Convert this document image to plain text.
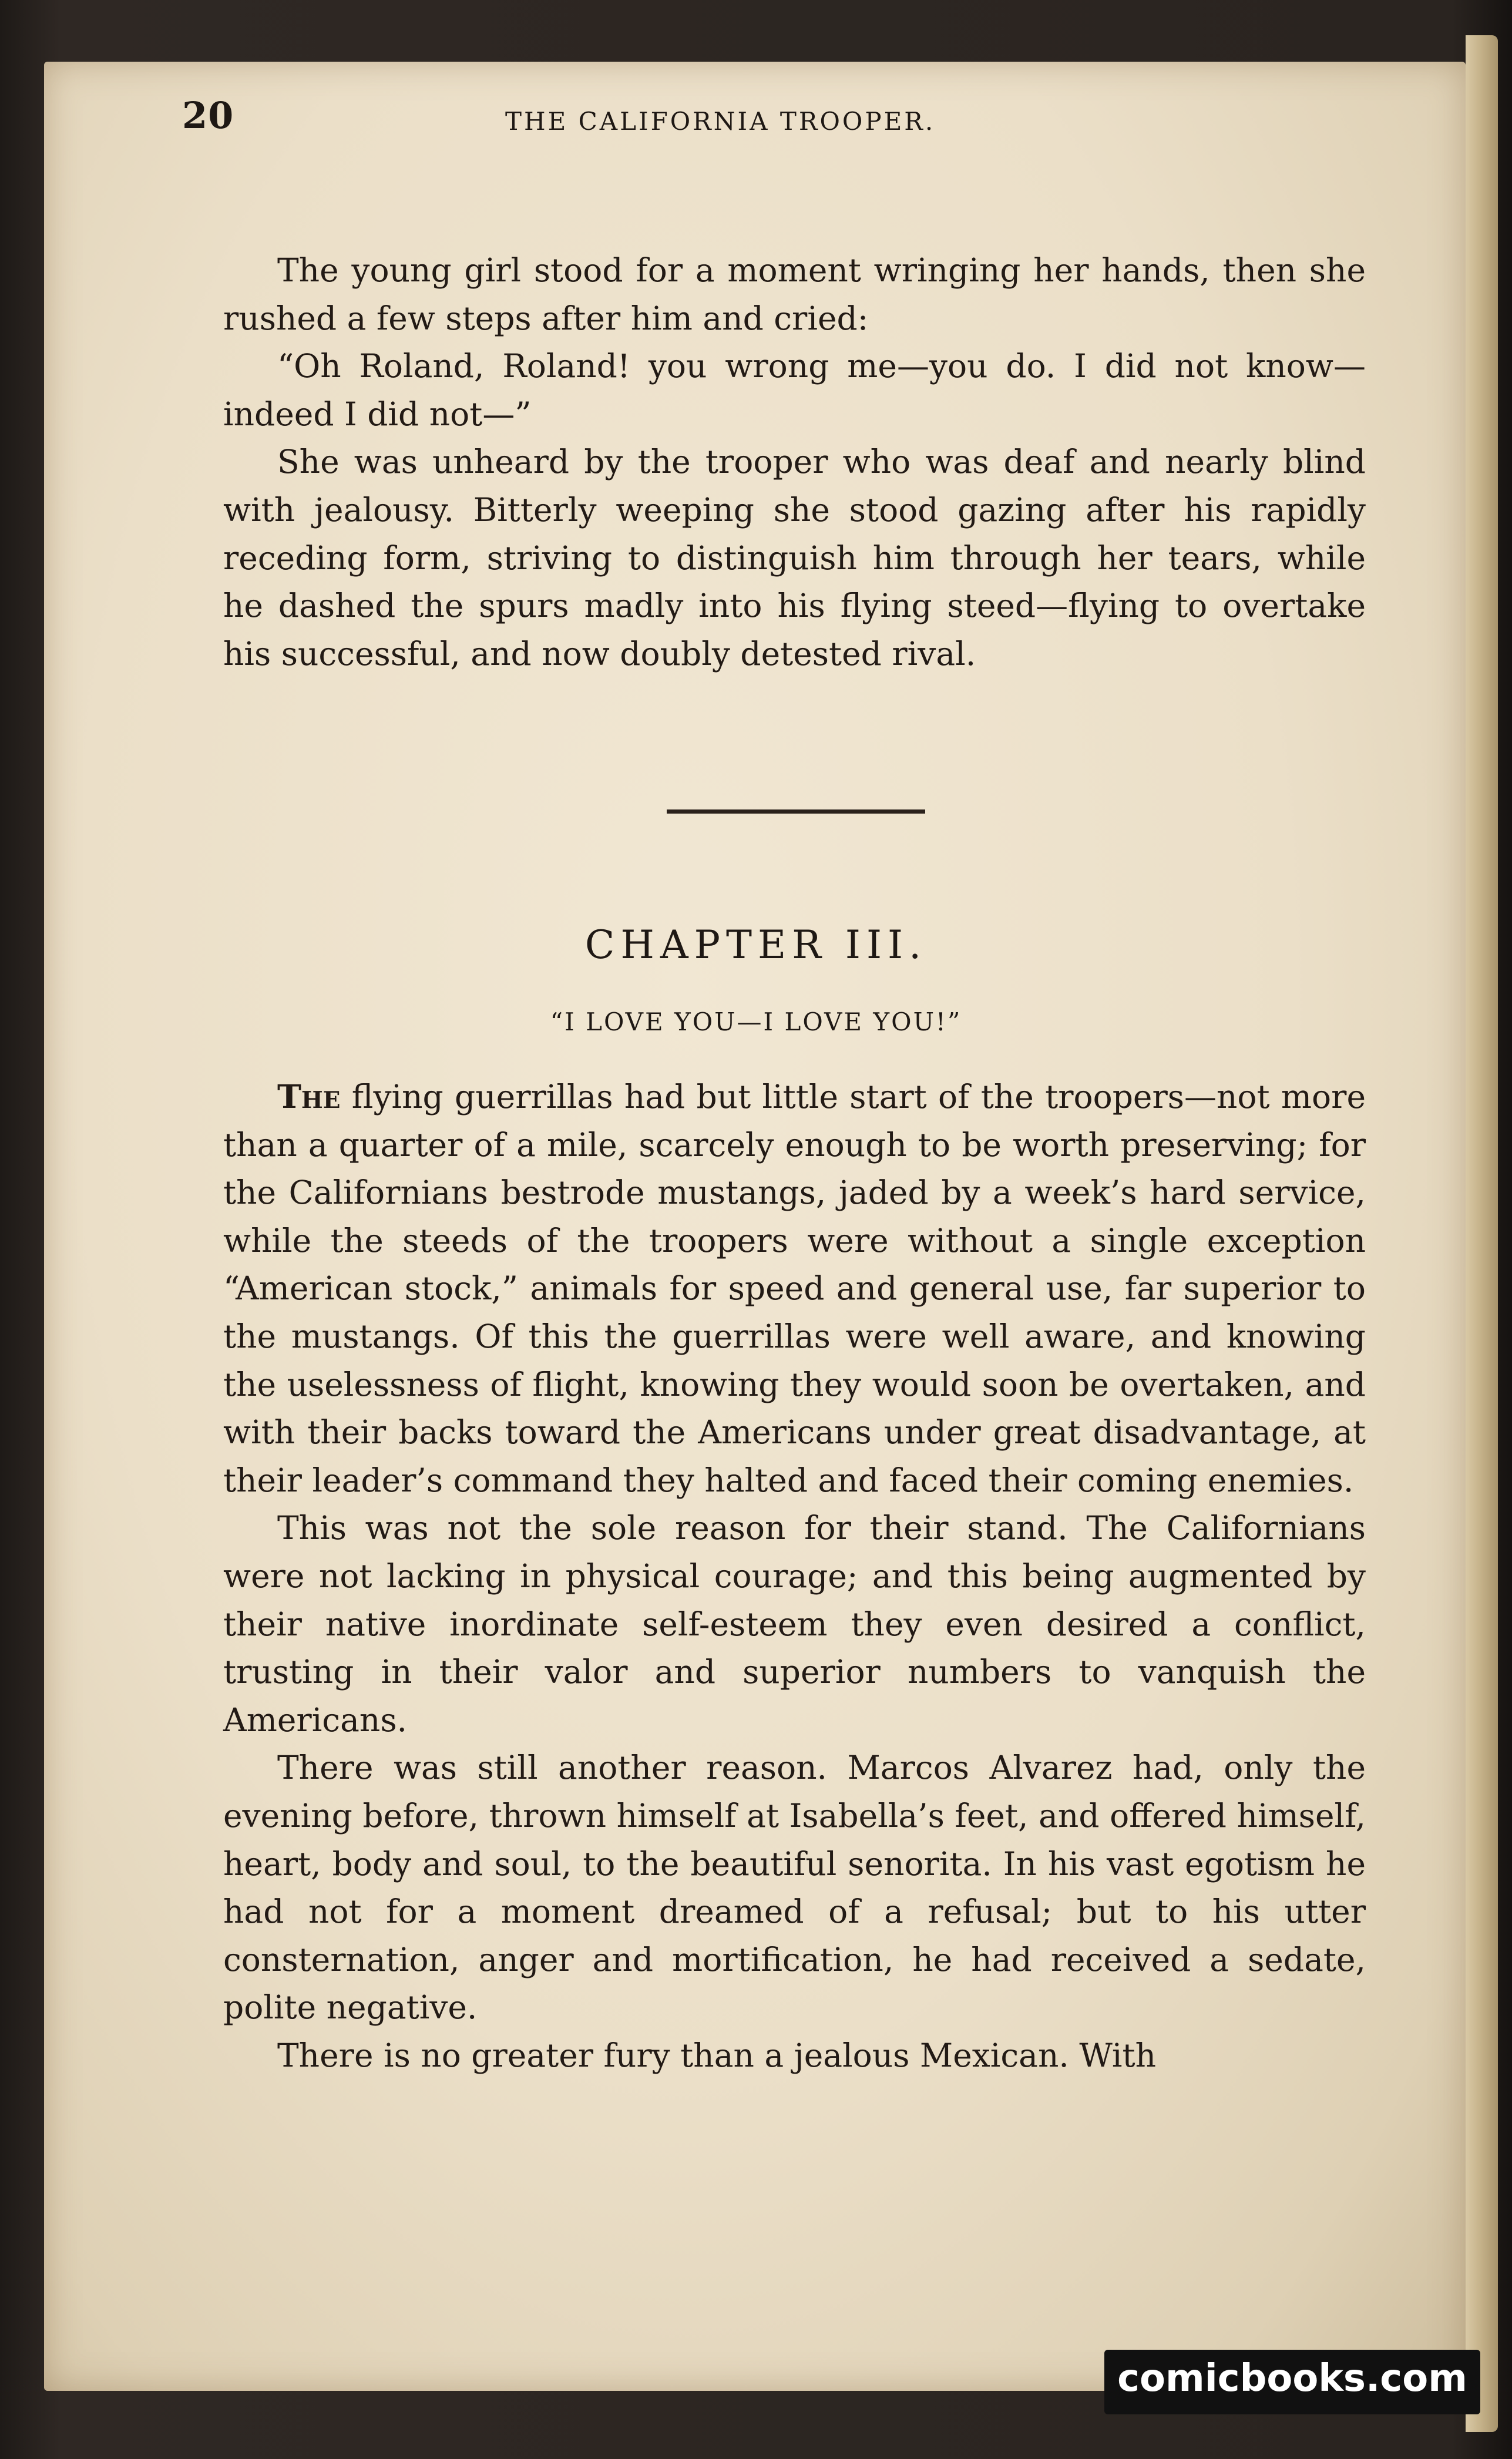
20	THE CALIFORNIA TROOPER.

The young girl stood for a moment wringing her hands, then she rushed a few steps after him and cried:

“Oh Roland, Roland! you wrong me—you do. I did not know—indeed I did not—”

She was unheard by the trooper who was deaf and nearly blind with jealousy. Bitterly weeping she stood gazing after his rapidly receding form, striving to distinguish him through her tears, while he dashed the spurs madly into his flying steed—flying to overtake his successful, and now doubly detested rival.

CHAPTER III.
“I LOVE YOU—I LOVE YOU!”

The flying guerrillas had but little start of the troopers—not more than a quarter of a mile, scarcely enough to be worth preserving; for the Californians bestrode mustangs, jaded by a week’s hard service, while the steeds of the troopers were without a single exception “American stock,” animals for speed and general use, far superior to the mustangs. Of this the guerrillas were well aware, and knowing the uselessness of flight, knowing they would soon be overtaken, and with their backs toward the Americans under great disadvantage, at their leader’s command they halted and faced their coming enemies.

This was not the sole reason for their stand. The Californians were not lacking in physical courage; and this being augmented by their native inordinate self-esteem they even desired a conflict, trusting in their valor and superior numbers to vanquish the Americans.

There was still another reason. Marcos Alvarez had, only the evening before, thrown himself at Isabella’s feet, and offered himself, heart, body and soul, to the beautiful senorita. In his vast egotism he had not for a moment dreamed of a refusal; but to his utter consternation, anger and mortification, he had received a sedate, polite negative.

There is no greater fury than a jealous Mexican. With

comicbooks.com
